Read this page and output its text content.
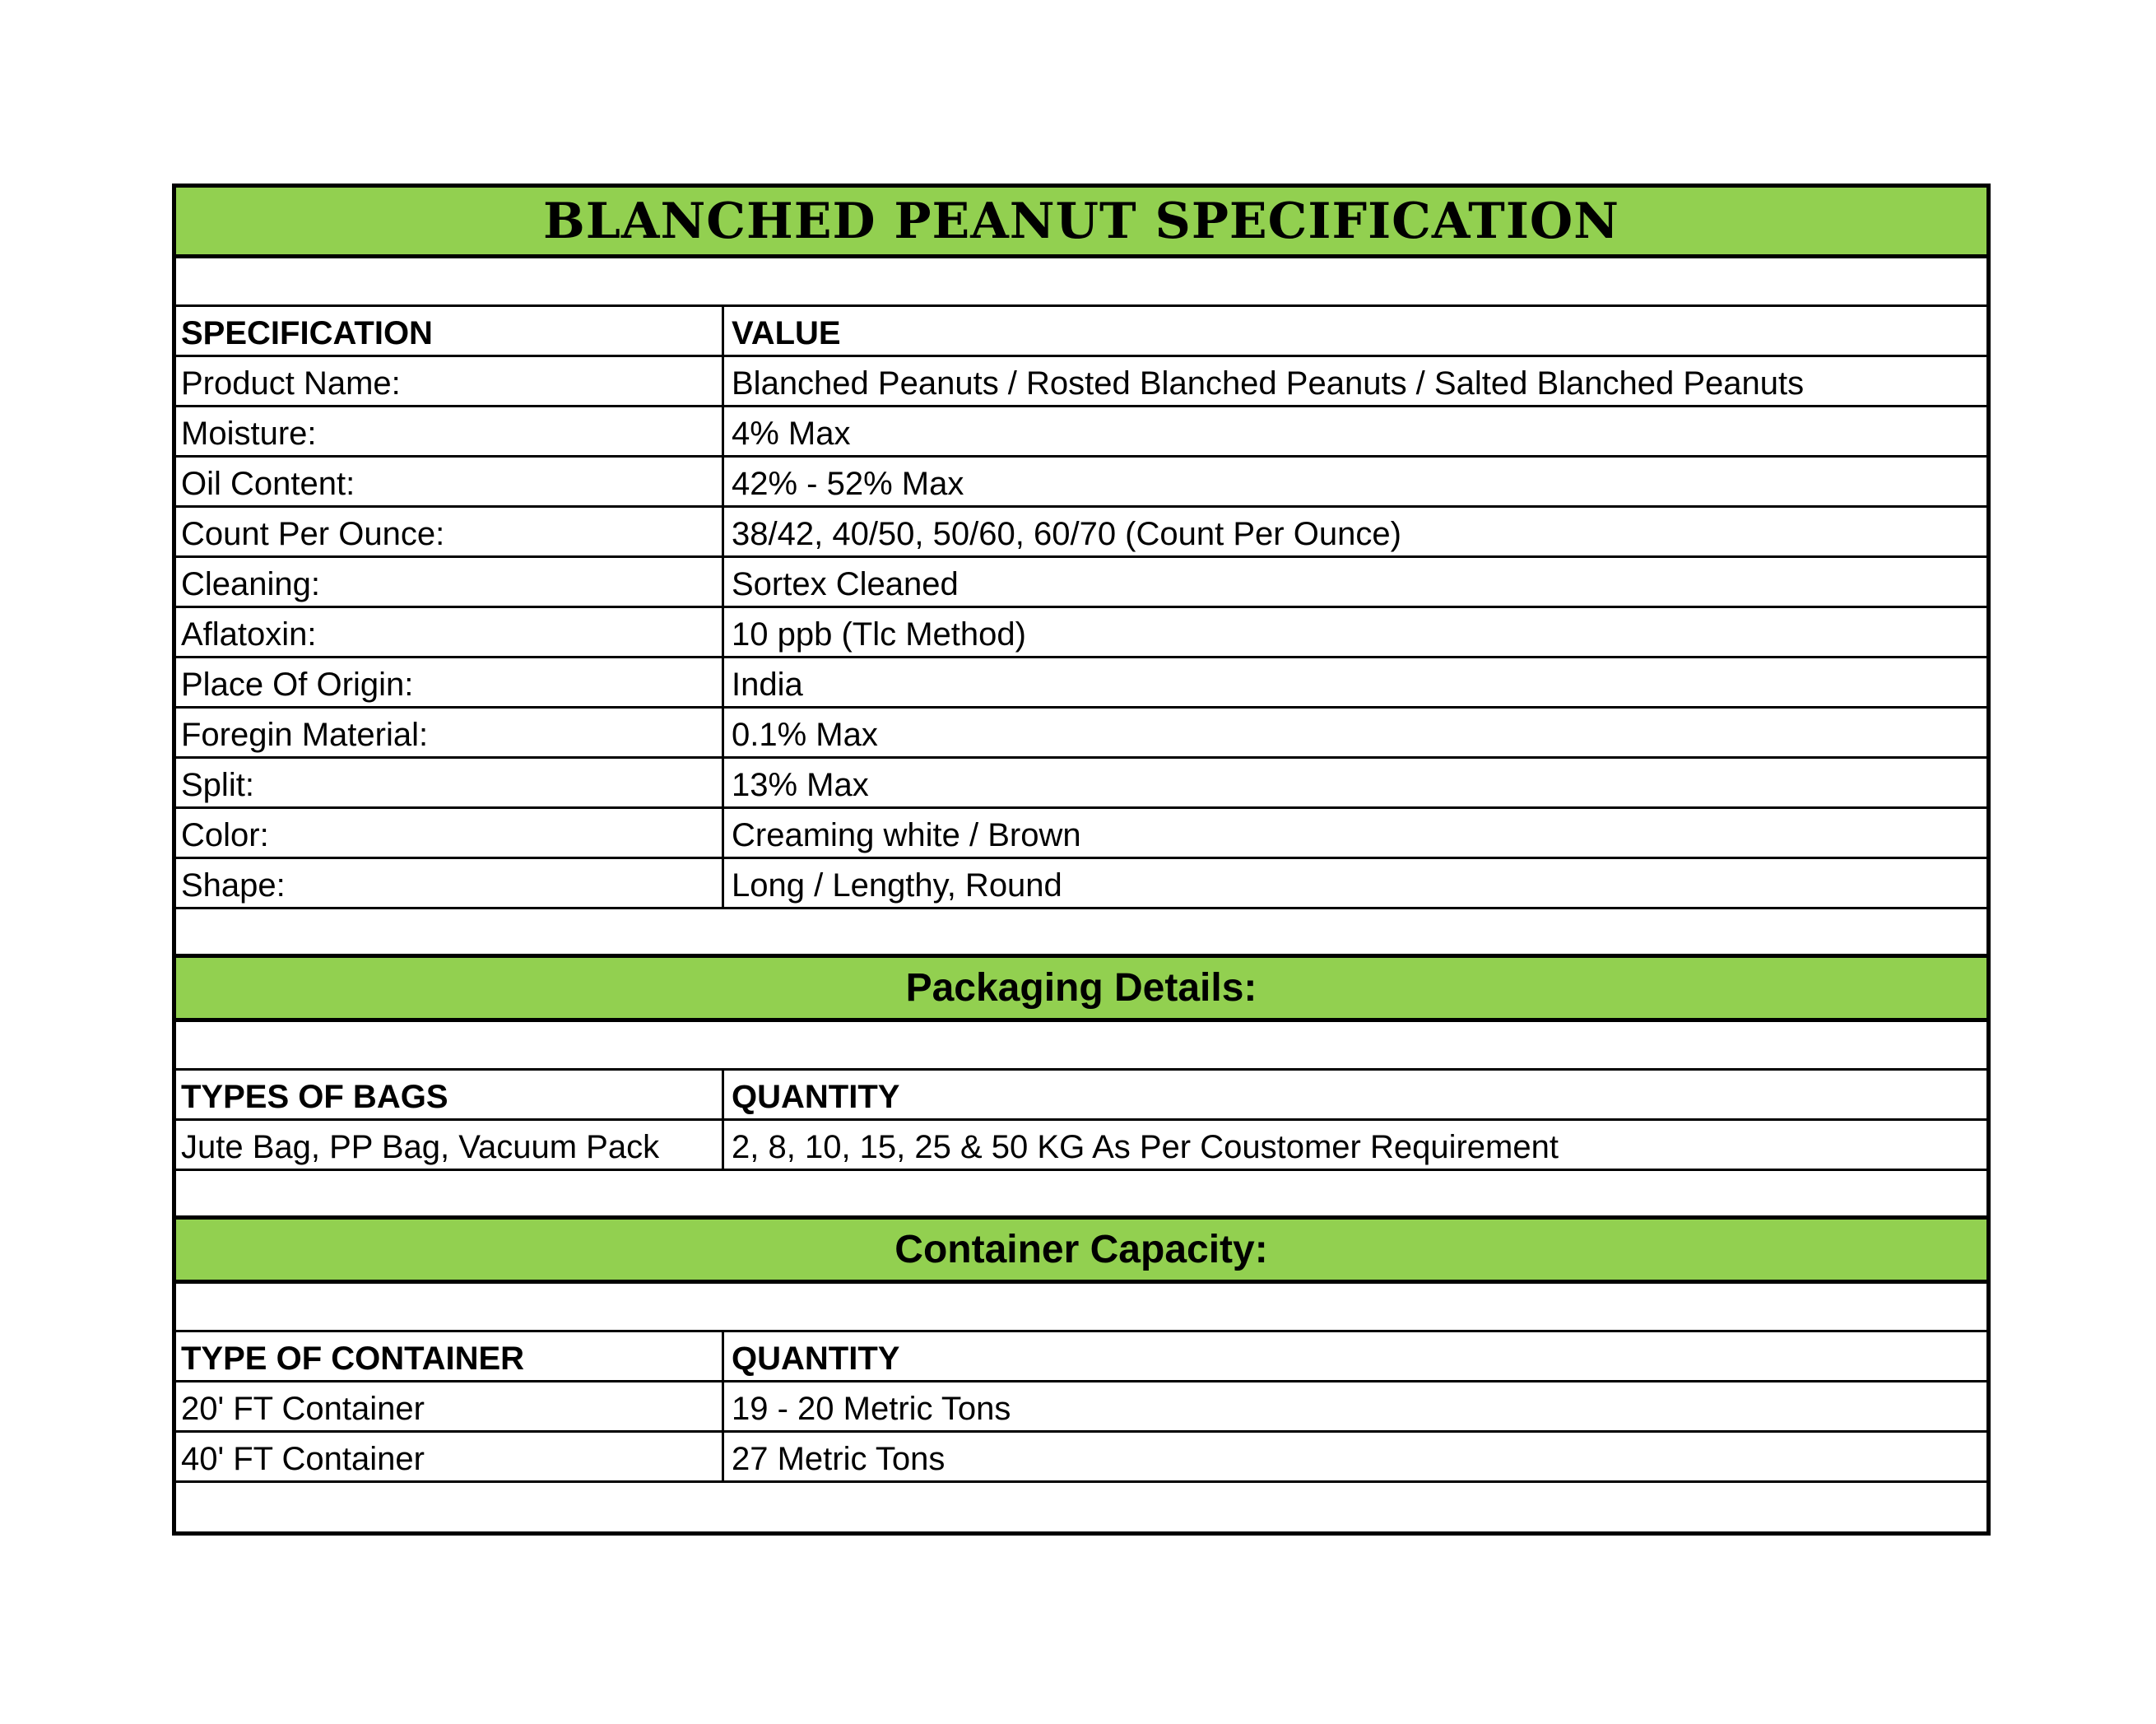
BLANCHED PEANUT SPECIFICATION
SPECIFICATION	VALUE
Product Name:	Blanched Peanuts / Rosted Blanched Peanuts / Salted Blanched Peanuts
Moisture:	4% Max
Oil Content:	42% - 52% Max
Count Per Ounce:	38/42, 40/50, 50/60, 60/70 (Count Per Ounce)
Cleaning:	Sortex Cleaned
Aflatoxin:	10 ppb (Tlc Method)
Place Of Origin:	India
Foregin Material:	0.1% Max
Split:	13% Max
Color:	Creaming white / Brown
Shape:	Long / Lengthy, Round
Packaging Details:
TYPES OF BAGS	QUANTITY
Jute Bag, PP Bag, Vacuum Pack	2, 8, 10, 15, 25 & 50 KG As Per Coustomer Requirement
Container Capacity:
TYPE OF CONTAINER	QUANTITY
20' FT Container	19 - 20 Metric Tons
40' FT Container	27 Metric Tons
